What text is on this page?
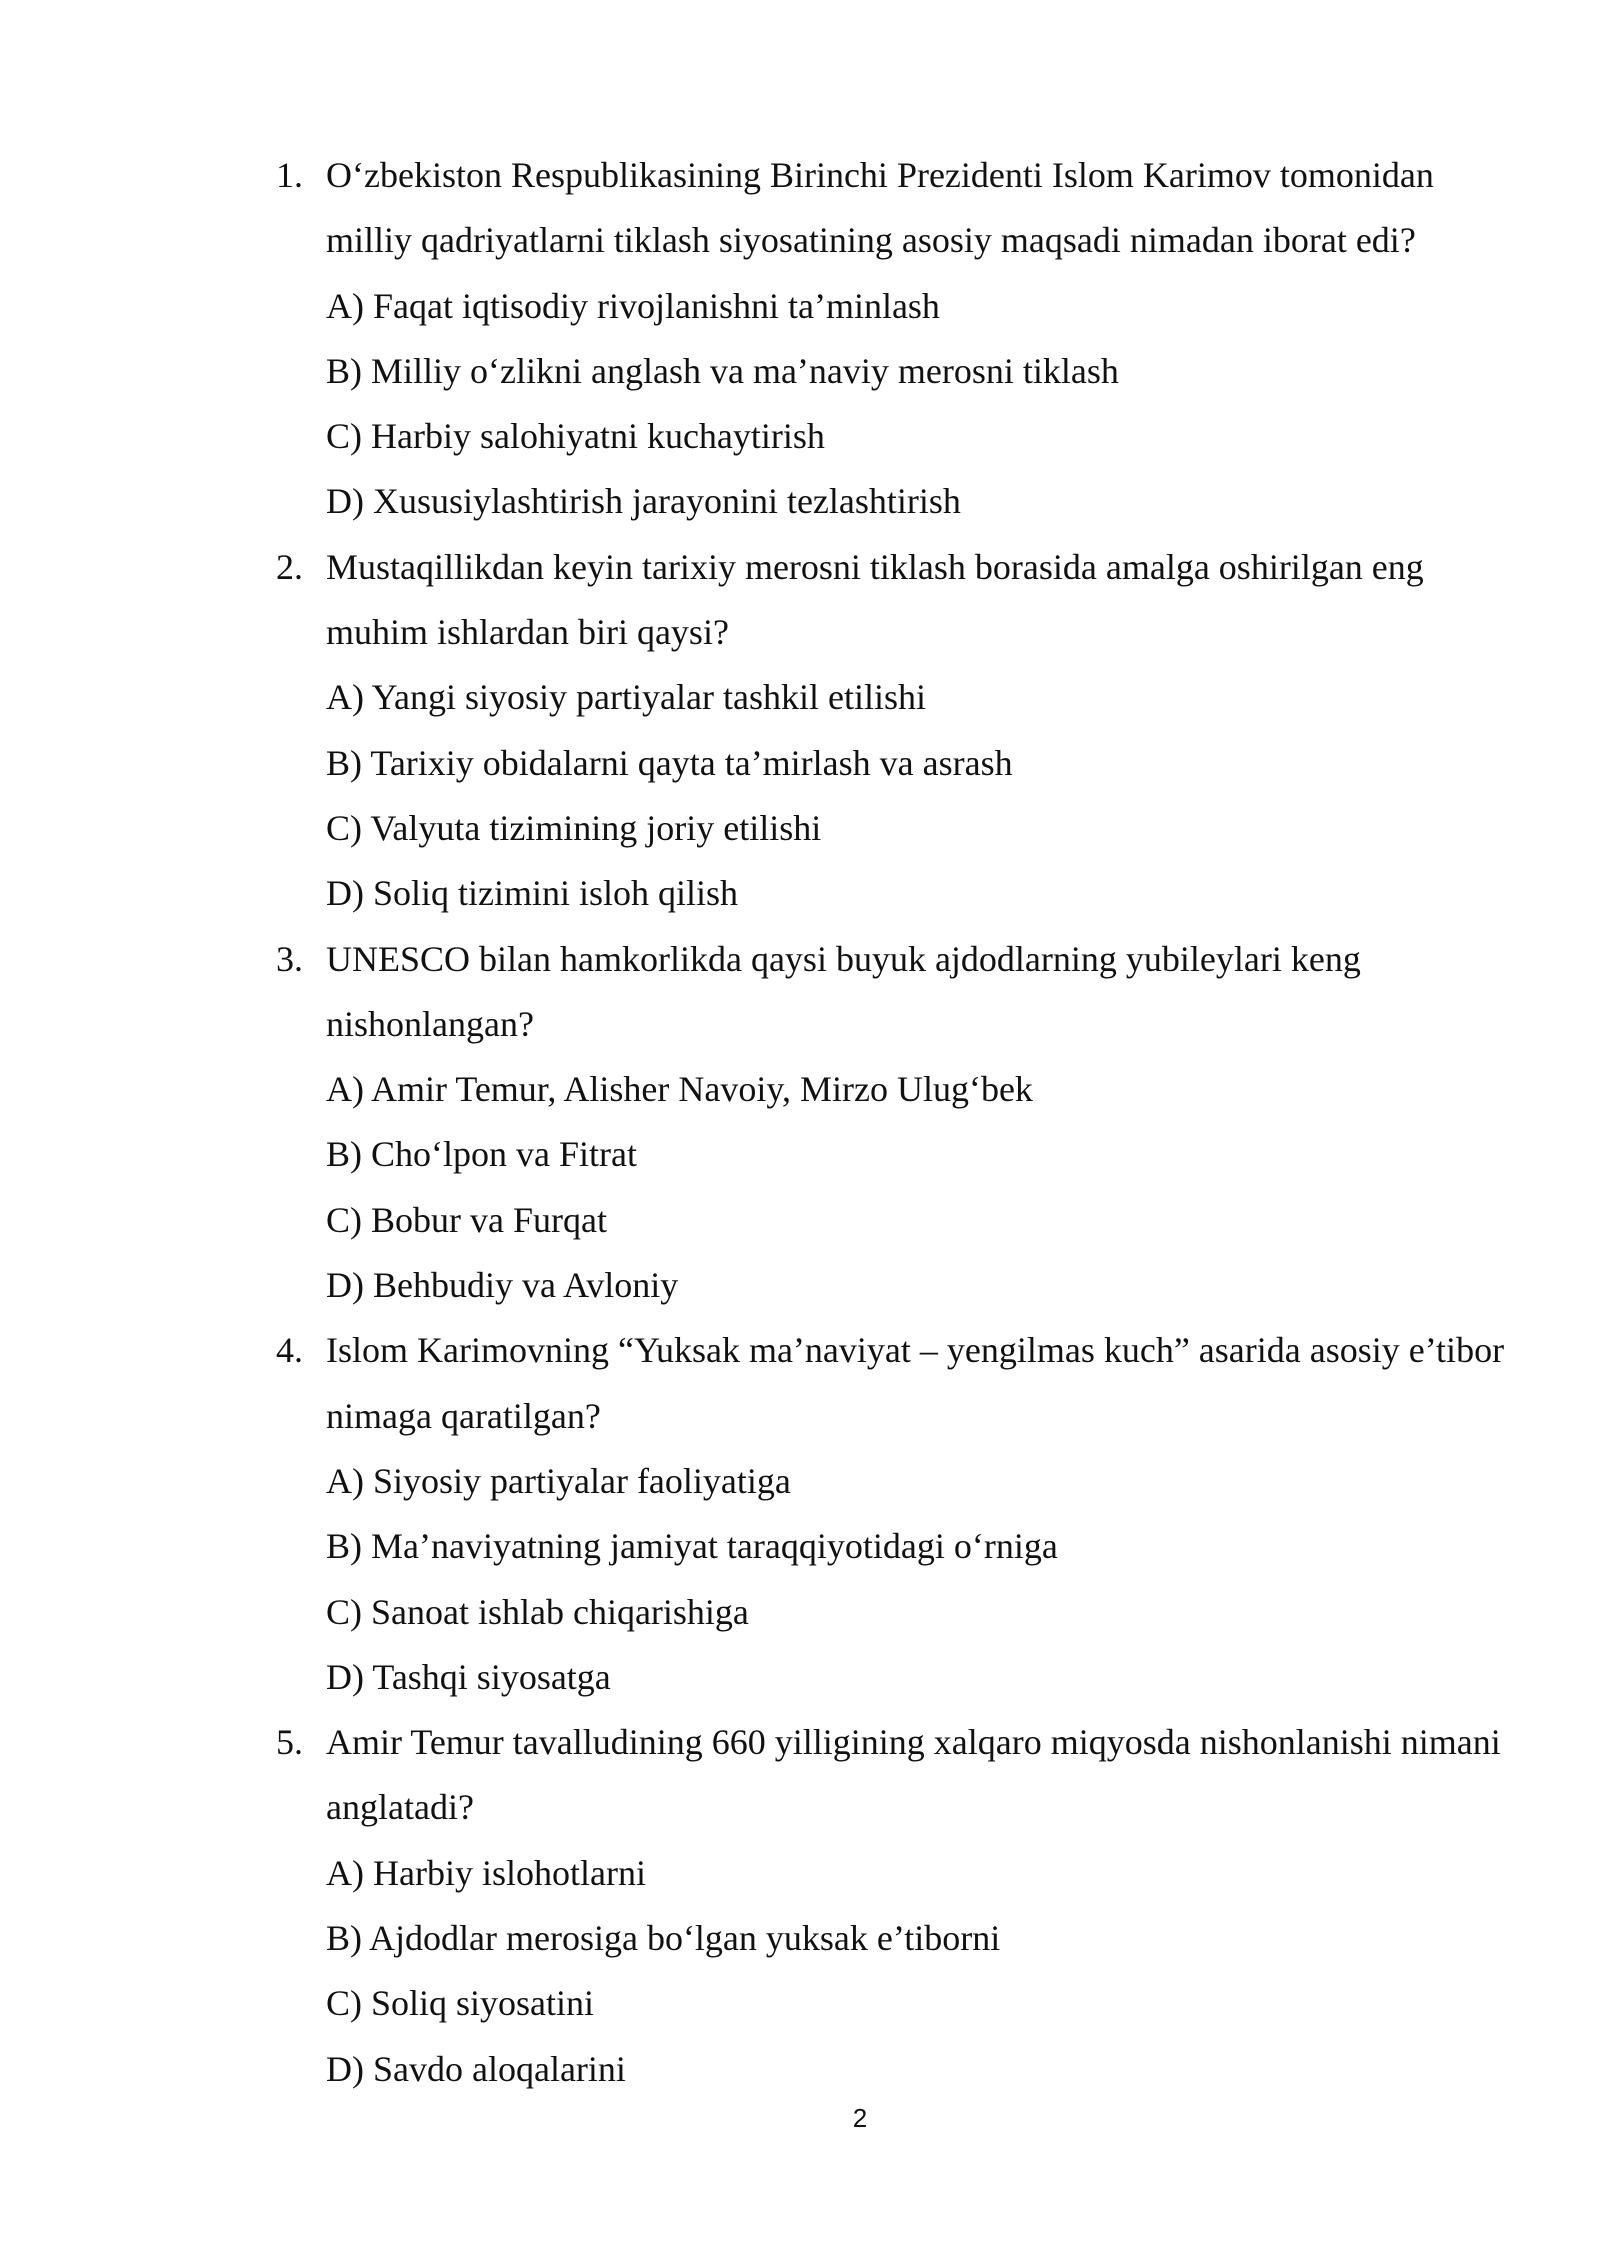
1. O‘zbekiston Respublikasining Birinchi Prezidenti Islom Karimov tomonidan milliy qadriyatlarni tiklash siyosatining asosiy maqsadi nimadan iborat edi?

A) Faqat iqtisodiy rivojlanishni ta’minlash

B) Milliy o‘zlikni anglash va ma’naviy merosni tiklash

C) Harbiy salohiyatni kuchaytirish

D) Xususiylashtirish jarayonini tezlashtirish

2. Mustaqillikdan keyin tarixiy merosni tiklash borasida amalga oshirilgan eng muhim ishlardan biri qaysi?

A) Yangi siyosiy partiyalar tashkil etilishi

B) Tarixiy obidalarni qayta ta’mirlash va asrash

C) Valyuta tizimining joriy etilishi

D) Soliq tizimini isloh qilish

3. UNESCO bilan hamkorlikda qaysi buyuk ajdodlarning yubileylari keng nishonlangan?

A) Amir Temur, Alisher Navoiy, Mirzo Ulug‘bek

B) Cho‘lpon va Fitrat

C) Bobur va Furqat

D) Behbudiy va Avloniy

4. Islom Karimovning “Yuksak ma’naviyat – yengilmas kuch” asarida asosiy e’tibor nimaga qaratilgan?

A) Siyosiy partiyalar faoliyatiga

B) Ma’naviyatning jamiyat taraqqiyotidagi o‘rniga

C) Sanoat ishlab chiqarishiga

D) Tashqi siyosatga

5. Amir Temur tavalludining 660 yilligining xalqaro miqyosda nishonlanishi nimani anglatadi?

A) Harbiy islohotlarni

B) Ajdodlar merosiga bo‘lgan yuksak e’tiborni

C) Soliq siyosatini

D) Savdo aloqalarini

2
